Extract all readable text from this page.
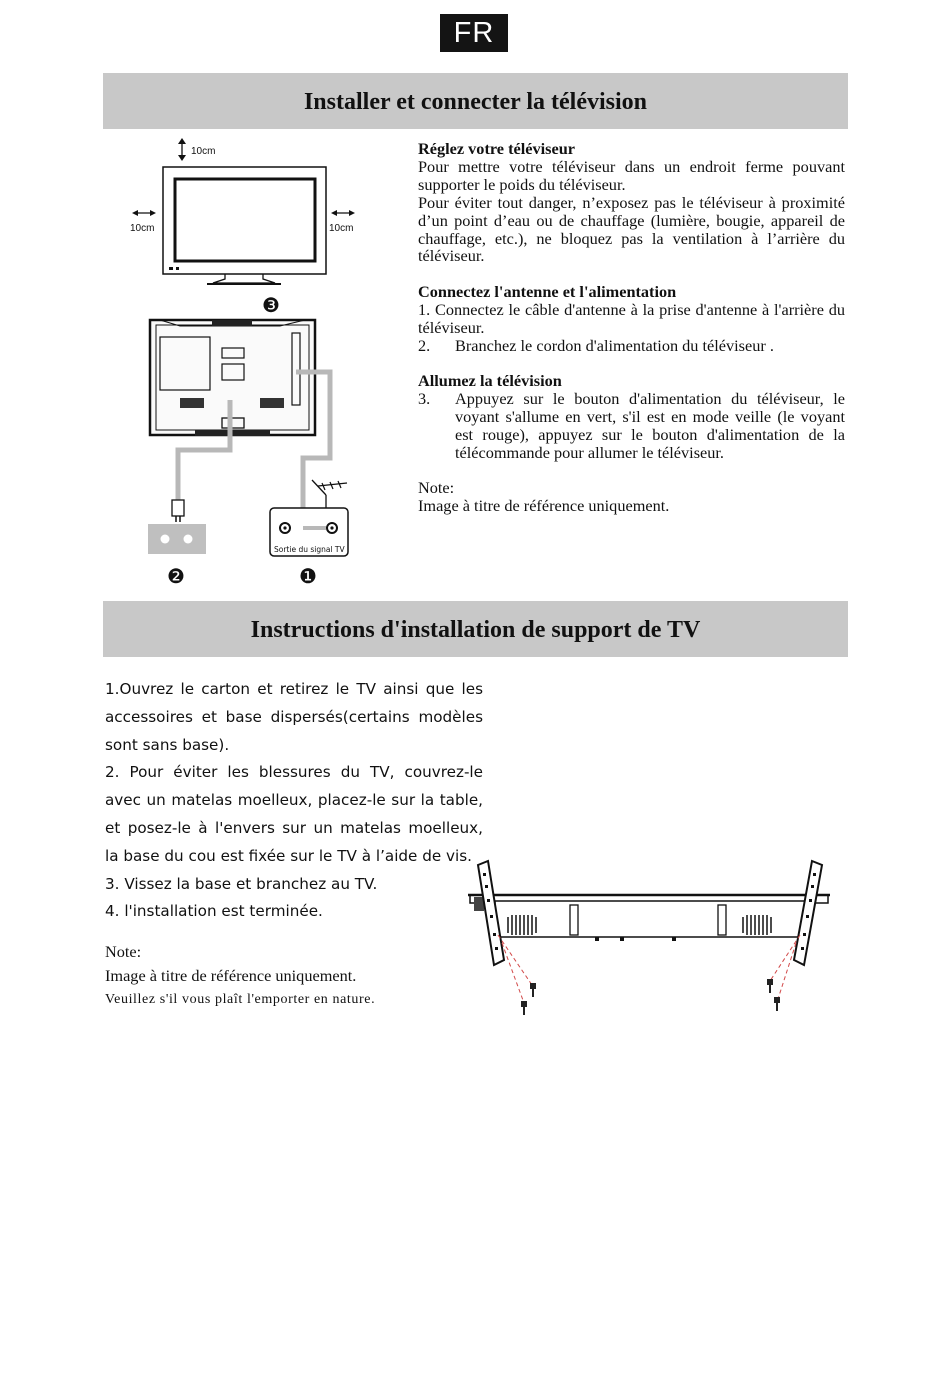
FR
Installer et connecter la télévision
10cm
10cm	10cm
❸
Sortie du signal TV
❷	❶
Réglez votre téléviseur

Pour mettre votre téléviseur dans un endroit ferme pouvant supporter le poids du téléviseur.

Pour éviter tout danger, n’exposez pas le téléviseur à proximité d’un point d’eau ou de chauffage (lumière, bougie, appareil de chauffage, etc.), ne bloquez pas la ventilation à l’arrière du téléviseur.

Connectez l'antenne et l'alimentation

1. Connectez le câble d'antenne à la prise d'antenne à l'arrière du téléviseur.

2.	Branchez le cordon d'alimentation du téléviseur .
Allumez la télévision
3.	Appuyez sur le bouton d'alimentation du téléviseur, le voyant s'allume en vert, s'il est en mode veille (le voyant est rouge), appuyez sur le bouton d'alimentation de la télécommande pour allumer le téléviseur.

Note:

Image à titre de référence uniquement.

Instructions d'installation de support de TV

1.Ouvrez le carton et retirez le TV ainsi que les accessoires et base dispersés(certains modèles sont sans base).

2. Pour éviter les blessures du TV, couvrez-le avec un matelas moelleux, placez-le sur la table, et posez-le à l'envers sur un matelas moelleux, la base du cou est fixée sur le TV à l’aide de vis.

3. Vissez la base et branchez au TV.

4. l'installation est terminée.

Note:

Image à titre de référence uniquement.

Veuillez s'il vous plaît l'emporter en nature.
